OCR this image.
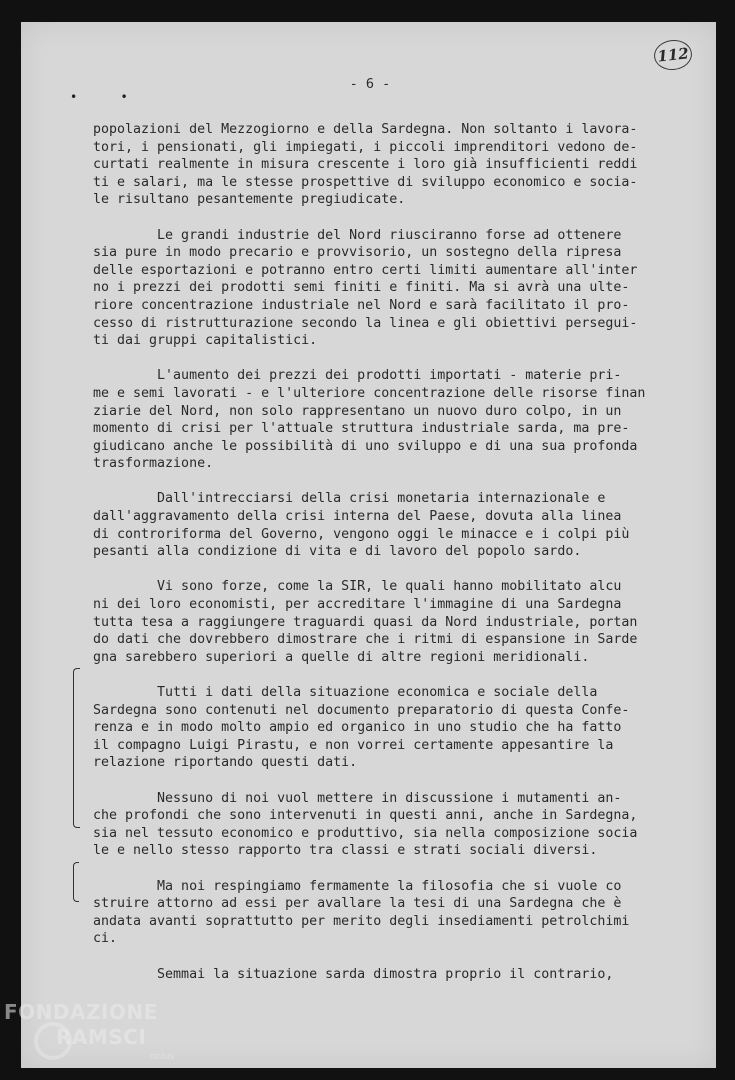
112
- 6 -
• •

popolazioni del Mezzogiorno e della Sardegna. Non soltanto i lavora-
tori, i pensionati, gli impiegati, i piccoli imprenditori vedono de-
curtati realmente in misura crescente i loro già insufficienti reddi
ti e salari, ma le stesse prospettive di sviluppo economico e socia-
le risultano pesantemente pregiudicate.

Le grandi industrie del Nord riusciranno forse ad ottenere
sia pure in modo precario e provvisorio, un sostegno della ripresa
delle esportazioni e potranno entro certi limiti aumentare all'inter
no i prezzi dei prodotti semi finiti e finiti. Ma si avrà una ulte-
riore concentrazione industriale nel Nord e sarà facilitato il pro-
cesso di ristrutturazione secondo la linea e gli obiettivi persegui-
ti dai gruppi capitalistici.

L'aumento dei prezzi dei prodotti importati - materie pri-
me e semi lavorati - e l'ulteriore concentrazione delle risorse finan
ziarie del Nord, non solo rappresentano un nuovo duro colpo, in un
momento di crisi per l'attuale struttura industriale sarda, ma pre-
giudicano anche le possibilità di uno sviluppo e di una sua profonda
trasformazione.

Dall'intrecciarsi della crisi monetaria internazionale e
dall'aggravamento della crisi interna del Paese, dovuta alla linea
di controriforma del Governo, vengono oggi le minacce e i colpi più
pesanti alla condizione di vita e di lavoro del popolo sardo.

Vi sono forze, come la SIR, le quali hanno mobilitato alcu
ni dei loro economisti, per accreditare l'immagine di una Sardegna
tutta tesa a raggiungere traguardi quasi da Nord industriale, portan
do dati che dovrebbero dimostrare che i ritmi di espansione in Sarde
gna sarebbero superiori a quelle di altre regioni meridionali.

Tutti i dati della situazione economica e sociale della
Sardegna sono contenuti nel documento preparatorio di questa Confe-
renza e in modo molto ampio ed organico in uno studio che ha fatto
il compagno Luigi Pirastu, e non vorrei certamente appesantire la
relazione riportando questi dati.

Nessuno di noi vuol mettere in discussione i mutamenti an-
che profondi che sono intervenuti in questi anni, anche in Sardegna,
sia nel tessuto economico e produttivo, sia nella composizione socia
le e nello stesso rapporto tra classi e strati sociali diversi.

Ma noi respingiamo fermamente la filosofia che si vuole co
struire attorno ad essi per avallare la tesi di una Sardegna che è
andata avanti soprattutto per merito degli insediamenti petrolchimi
ci.

Semmai la situazione sarda dimostra proprio il contrario,

FONDAZIONE
RAMSCI
onlus
